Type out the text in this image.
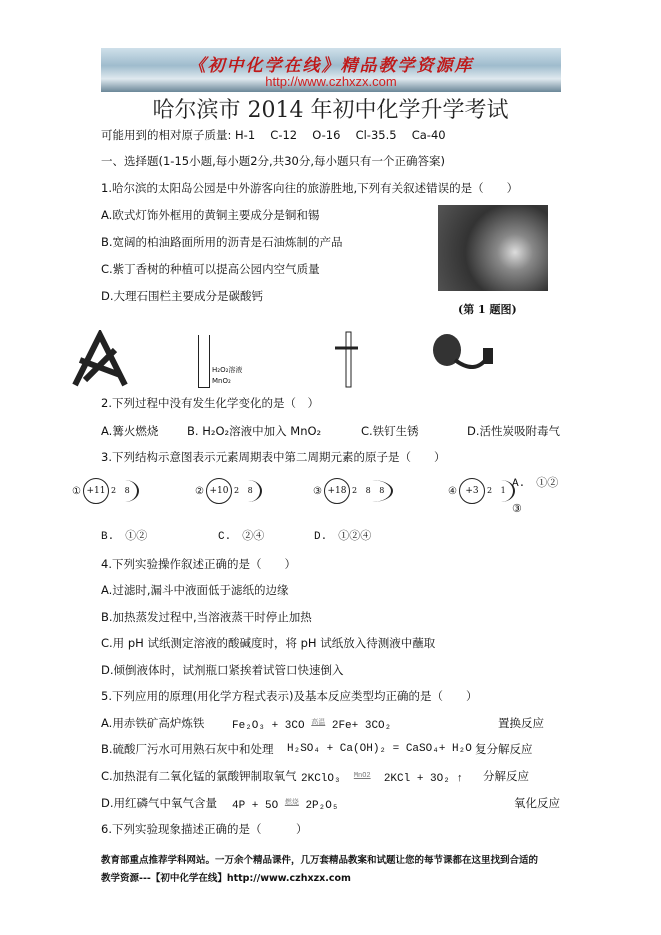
《初中化学在线》精品教学资源库
http://www.czhxzx.com
哈尔滨市 2014 年初中化学升学考试
可能用到的相对原子质量: H-1　 C-12　 O-16　 Cl-35.5　 Ca-40
一、选择题(1-15小题,每小题2分,共30分,每小题只有一个正确答案)
1.哈尔滨的太阳岛公园是中外游客向往的旅游胜地,下列有关叙述错误的是（　　）
A.欧式灯饰外框用的黄铜主要成分是铜和锡
B.宽阔的柏油路面所用的沥青是石油炼制的产品
C.紫丁香树的种植可以提高公园内空气质量
D.大理石围栏主要成分是碳酸钙
(第 1 题图)
H₂O₂溶液
MnO₂
2.下列过程中没有发生化学变化的是（　）
A.篝火燃烧 B. H₂O₂溶液中加入 MnO₂	C.铁钉生锈	D.活性炭吸附毒气
3.下列结构示意图表示元素周期表中第二周期元素的原子是（　　）
① +11 2 8	② +10 2 8	③ +18 2 8 8	④ +3	2 1
A.　①②
③
B.　①②	C.　②④	D.　①②④
4.下列实验操作叙述正确的是（　　）
A.过滤时,漏斗中液面低于滤纸的边缘
B.加热蒸发过程中,当溶液蒸干时停止加热
C.用 pH 试纸测定溶液的酸碱度时，将 pH 试纸放入待测液中蘸取
D.倾倒液体时，试剂瓶口紧挨着试管口快速倒入
5.下列应用的原理(用化学方程式表示)及基本反应类型均正确的是（　　）
A.用赤铁矿高炉炼铁	Fe₂O₃ + 3CO $^{高温}$ 2Fe+ 3CO₂	置换反应
B.硫酸厂污水可用熟石灰中和处理 H₂SO₄ + Ca(OH)₂ = CaSO₄+ H₂O 复分解反应
C.加热混有二氧化锰的氯酸钾制取氧气 2KClO₃ $^{MnO2}$ 2KCl + 3O₂ ↑ 分解反应
D.用红磷气中氧气含量 4P + 5O $^{燃烧}$ 2P₂O₅	氧化反应
6.下列实验现象描述正确的是（　　　）
教育部重点推荐学科网站。一万余个精品课件，几万套精品教案和试题让您的每节课都在这里找到合适的
教学资源---【初中化学在线】http://www.czhxzx.com
